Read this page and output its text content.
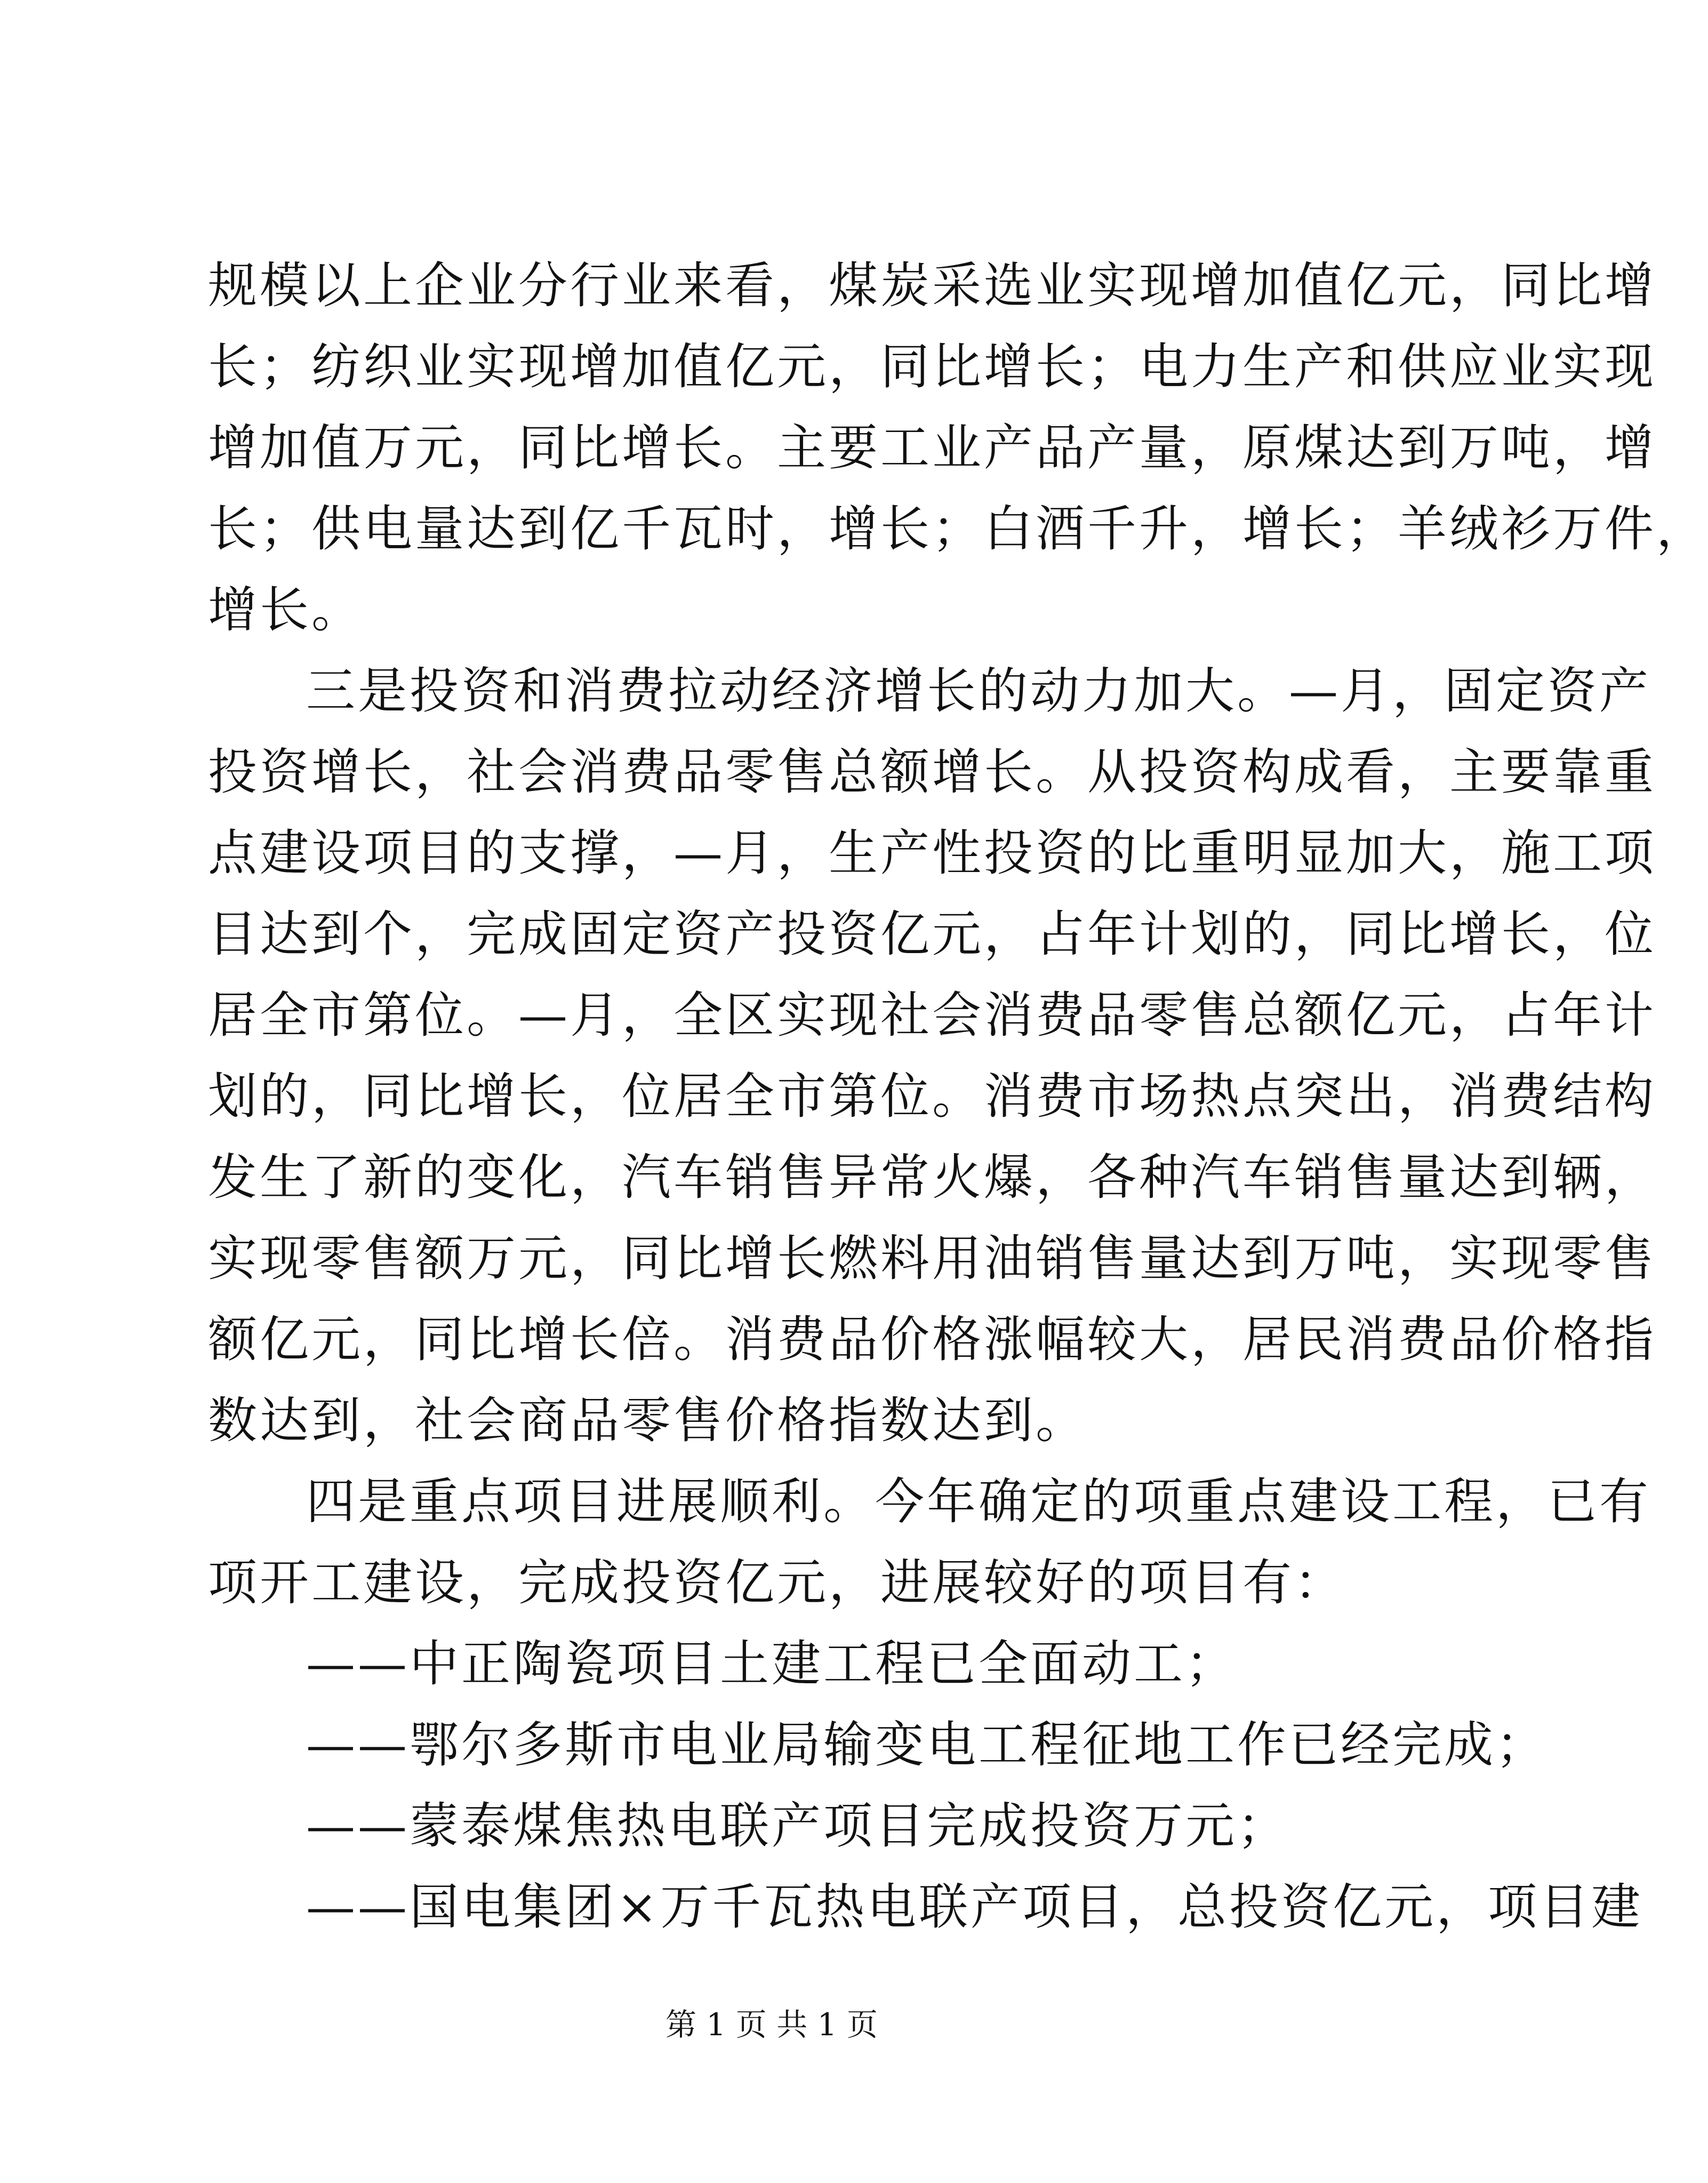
规模以上企业分行业来看，煤炭采选业实现增加值亿元，同比增
长；纺织业实现增加值亿元，同比增长；电力生产和供应业实现
增加值万元，同比增长。主要工业产品产量，原煤达到万吨，增
长；供电量达到亿千瓦时，增长；白酒千升，增长；羊绒衫万件，
增长。
三是投资和消费拉动经济增长的动力加大。—月，固定资产
投资增长，社会消费品零售总额增长。从投资构成看，主要靠重
点建设项目的支撑，—月，生产性投资的比重明显加大，施工项
目达到个，完成固定资产投资亿元，占年计划的，同比增长，位
居全市第位。—月，全区实现社会消费品零售总额亿元，占年计
划的，同比增长，位居全市第位。消费市场热点突出，消费结构
发生了新的变化，汽车销售异常火爆，各种汽车销售量达到辆，
实现零售额万元，同比增长燃料用油销售量达到万吨，实现零售
额亿元，同比增长倍。消费品价格涨幅较大，居民消费品价格指
数达到，社会商品零售价格指数达到。
四是重点项目进展顺利。今年确定的项重点建设工程，已有
项开工建设，完成投资亿元，进展较好的项目有：
——中正陶瓷项目土建工程已全面动工；
——鄂尔多斯市电业局输变电工程征地工作已经完成；
——蒙泰煤焦热电联产项目完成投资万元；
——国电集团×万千瓦热电联产项目，总投资亿元，项目建
第 1 页 共 1 页
